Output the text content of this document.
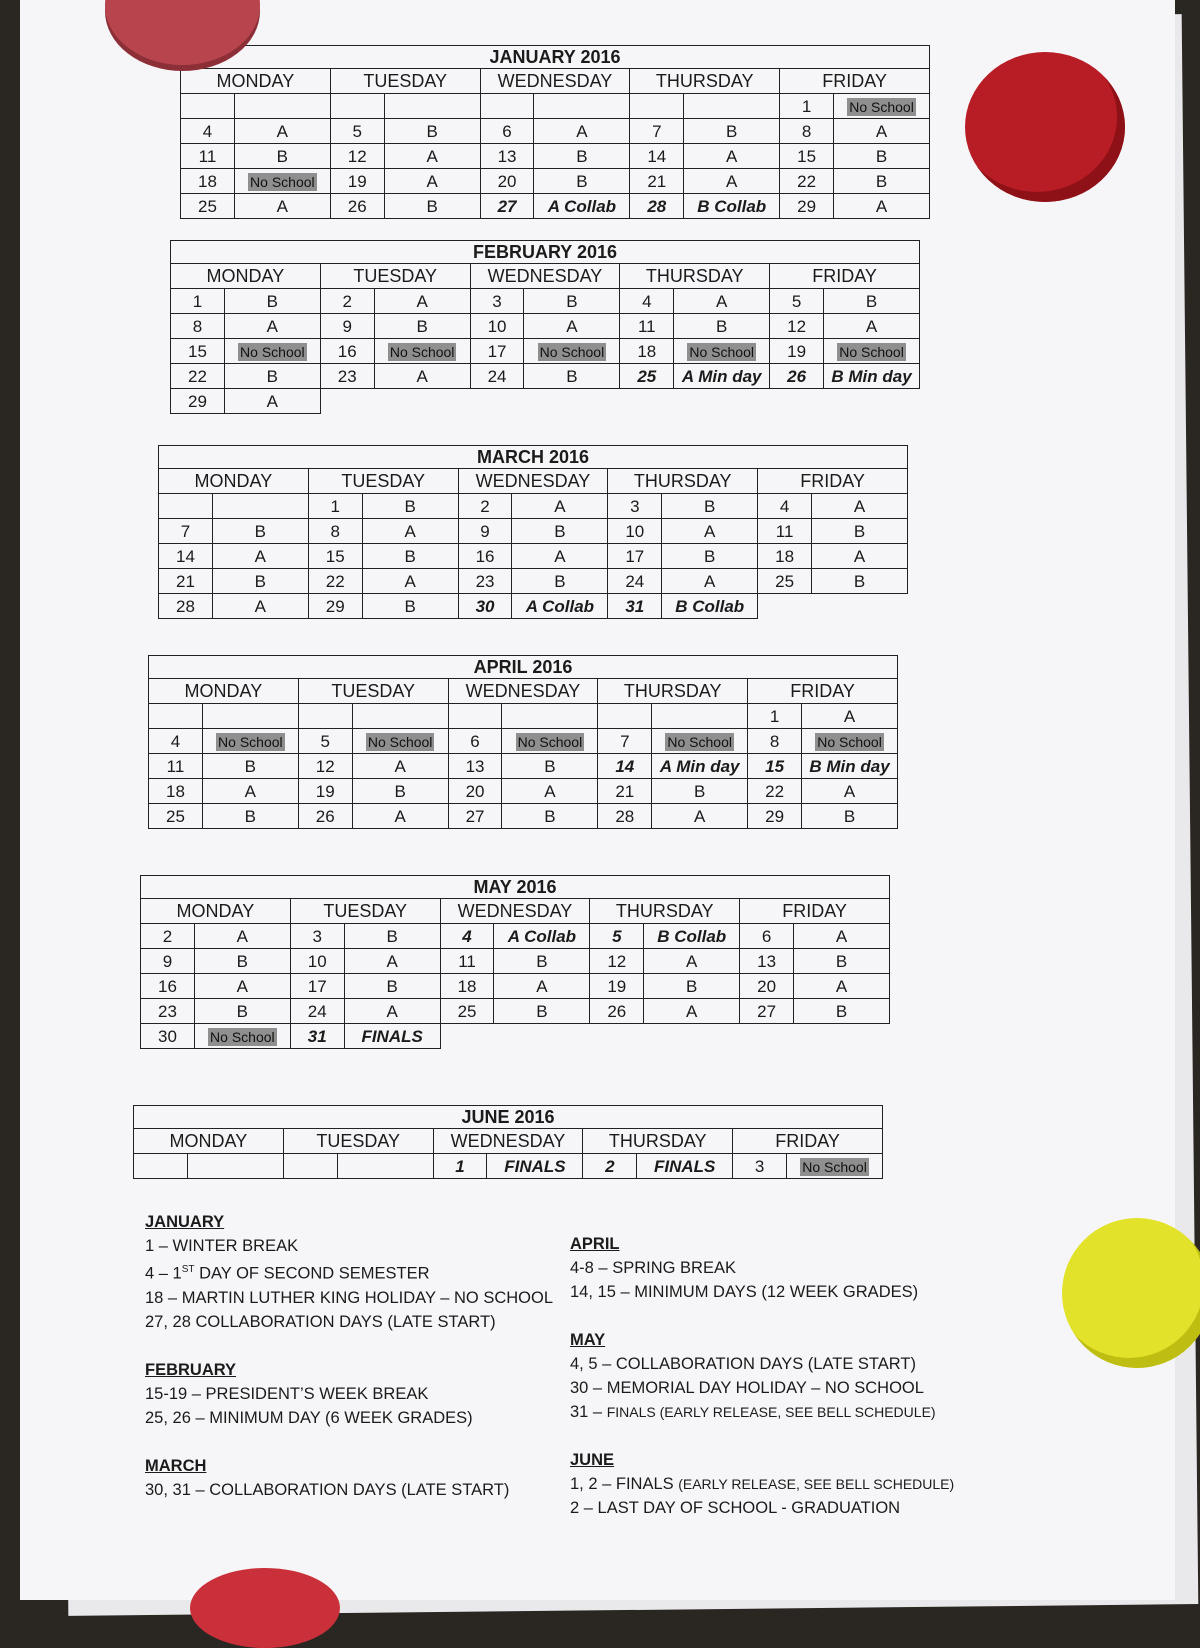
JANUARY 2016									
MONDAY		TUESDAY		WEDNESDAY		THURSDAY		FRIDAY	
								1	No School
4	A	5	B	6	A	7	B	8	A
11	B	12	A	13	B	14	A	15	B
18	No School	19	A	20	B	21	A	22	B
25	A	26	B	27	A Collab	28	B Collab	29	A
FEBRUARY 2016									
MONDAY		TUESDAY		WEDNESDAY		THURSDAY		FRIDAY	
1	B	2	A	3	B	4	A	5	B
8	A	9	B	10	A	11	B	12	A
15	No School	16	No School	17	No School	18	No School	19	No School
22	B	23	A	24	B	25	A Min day	26	B Min day
29	A								
MARCH 2016									
MONDAY		TUESDAY		WEDNESDAY		THURSDAY		FRIDAY	
		1	B	2	A	3	B	4	A
7	B	8	A	9	B	10	A	11	B
14	A	15	B	16	A	17	B	18	A
21	B	22	A	23	B	24	A	25	B
28	A	29	B	30	A Collab	31	B Collab		
APRIL 2016									
MONDAY		TUESDAY		WEDNESDAY		THURSDAY		FRIDAY	
								1	A
4	No School	5	No School	6	No School	7	No School	8	No School
11	B	12	A	13	B	14	A Min day	15	B Min day
18	A	19	B	20	A	21	B	22	A
25	B	26	A	27	B	28	A	29	B
MAY 2016									
MONDAY		TUESDAY		WEDNESDAY		THURSDAY		FRIDAY	
2	A	3	B	4	A Collab	5	B Collab	6	A
9	B	10	A	11	B	12	A	13	B
16	A	17	B	18	A	19	B	20	A
23	B	24	A	25	B	26	A	27	B
30	No School	31	FINALS						
JUNE 2016									
MONDAY		TUESDAY		WEDNESDAY		THURSDAY		FRIDAY	
				1	FINALS	2	FINALS	3	No School
JANUARY
1 – WINTER BREAK
4 – 1ST DAY OF SECOND SEMESTER
18 – MARTIN LUTHER KING HOLIDAY – NO SCHOOL
27, 28 COLLABORATION DAYS (LATE START)
FEBRUARY
15-19 – PRESIDENT’S WEEK BREAK
25, 26 – MINIMUM DAY (6 WEEK GRADES)
MARCH
30, 31 – COLLABORATION DAYS (LATE START)
APRIL
4-8 – SPRING BREAK
14, 15 – MINIMUM DAYS (12 WEEK GRADES)
MAY
4, 5 – COLLABORATION DAYS (LATE START)
30 – MEMORIAL DAY HOLIDAY – NO SCHOOL
31 – FINALS (EARLY RELEASE, SEE BELL SCHEDULE)
JUNE
1, 2 – FINALS (EARLY RELEASE, SEE BELL SCHEDULE)
2 – LAST DAY OF SCHOOL - GRADUATION
